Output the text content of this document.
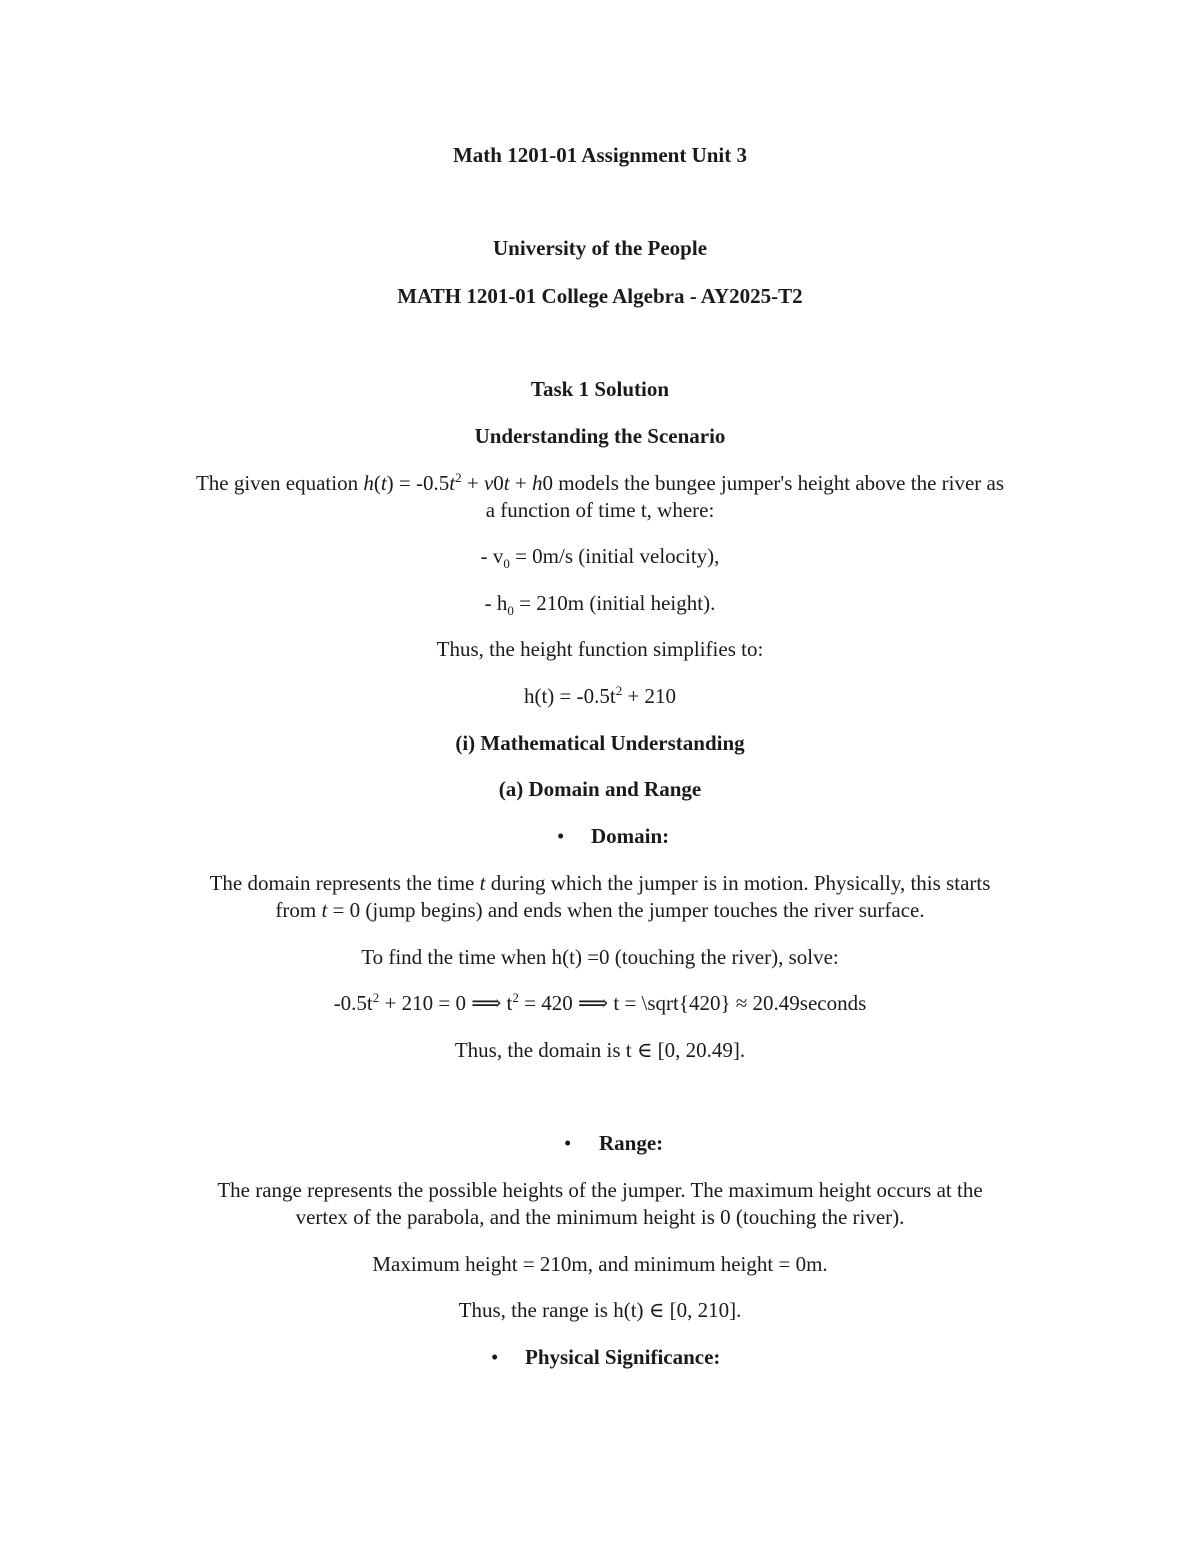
Math 1201-01 Assignment Unit 3
University of the People
MATH 1201-01 College Algebra - AY2025-T2
Task 1 Solution
Understanding the Scenario
The given equation $h(t) = -0.5t^2 + v0t + h0$ models the bungee jumper's height above the river as
a function of time t, where:
- $v_0 = 0m/s$ (initial velocity),
- $h_0 = 210m$ (initial height).
Thus, the height function simplifies to:
$h(t) = -0.5t^2 + 210$
(i) Mathematical Understanding
(a) Domain and Range
• Domain:
The domain represents the time t during which the jumper is in motion. Physically, this starts
from t = 0 (jump begins) and ends when the jumper touches the river surface.
To find the time when h(t) =0 (touching the river), solve:
$-0.5t^2 + 210 = 0$ ⟹ $t^2 = 420$ ⟹ t = \sqrt{420} ≈ 20.49seconds
Thus, the domain is t ∈ [0, 20.49].
• Range:
The range represents the possible heights of the jumper. The maximum height occurs at the
vertex of the parabola, and the minimum height is 0 (touching the river).
Maximum height = 210m, and minimum height = 0m.
Thus, the range is h(t) ∈ [0, 210].
• Physical Significance:
